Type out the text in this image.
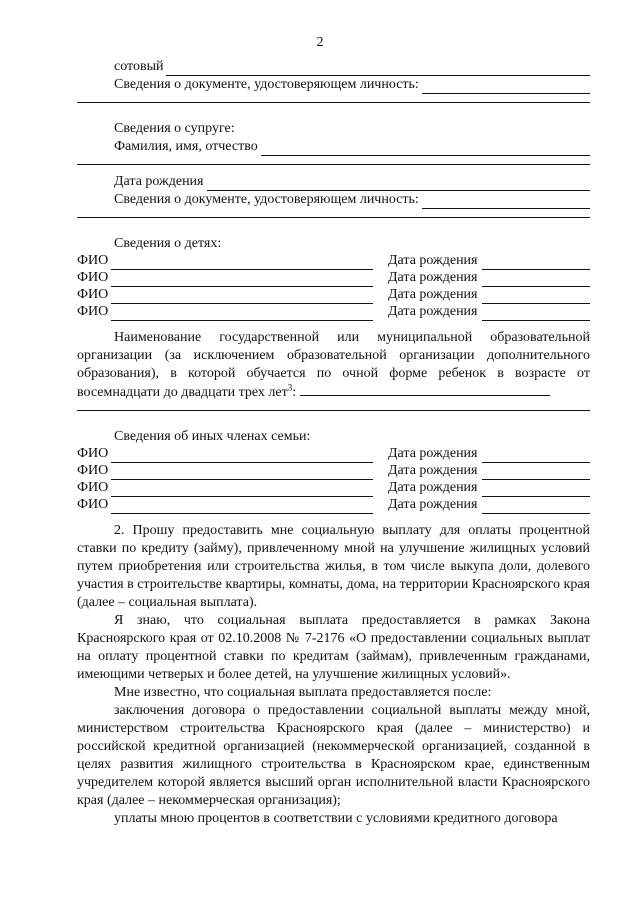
2
сотовый
Сведения о документе, удостоверяющем личность:
Сведения о супруге:
Фамилия, имя, отчество
Дата рождения
Сведения о документе, удостоверяющем личность:
Сведения о детях:
ФИО	Дата рождения
ФИО	Дата рождения
ФИО	Дата рождения
ФИО	Дата рождения
Наименование государственной или муниципальной образовательной организации (за исключением образовательной организации дополнительного образования), в которой обучается по очной форме ребенок в возрасте от восемнадцати до двадцати трех лет$^3$:
Сведения об иных членах семьи:
ФИО	Дата рождения
ФИО	Дата рождения
ФИО	Дата рождения
ФИО	Дата рождения
2. Прошу предоставить мне социальную выплату для оплаты процентной ставки по кредиту (займу), привлеченному мной на улучшение жилищных условий путем приобретения или строительства жилья, в том числе выкупа доли, долевого участия в строительстве квартиры, комнаты, дома, на территории Красноярского края (далее – социальная выплата).
Я знаю, что социальная выплата предоставляется в рамках Закона Красноярского края от 02.10.2008 № 7-2176 «О предоставлении социальных выплат на оплату процентной ставки по кредитам (займам), привлеченным гражданами, имеющими четверых и более детей, на улучшение жилищных условий».
Мне известно, что социальная выплата предоставляется после:
заключения договора о предоставлении социальной выплаты между мной, министерством строительства Красноярского края (далее – министерство) и российской кредитной организацией (некоммерческой организацией, созданной в целях развития жилищного строительства в Красноярском крае, единственным учредителем которой является высший орган исполнительной власти Красноярского края (далее – некоммерческая организация);
уплаты мною процентов в соответствии с условиями кредитного договора
